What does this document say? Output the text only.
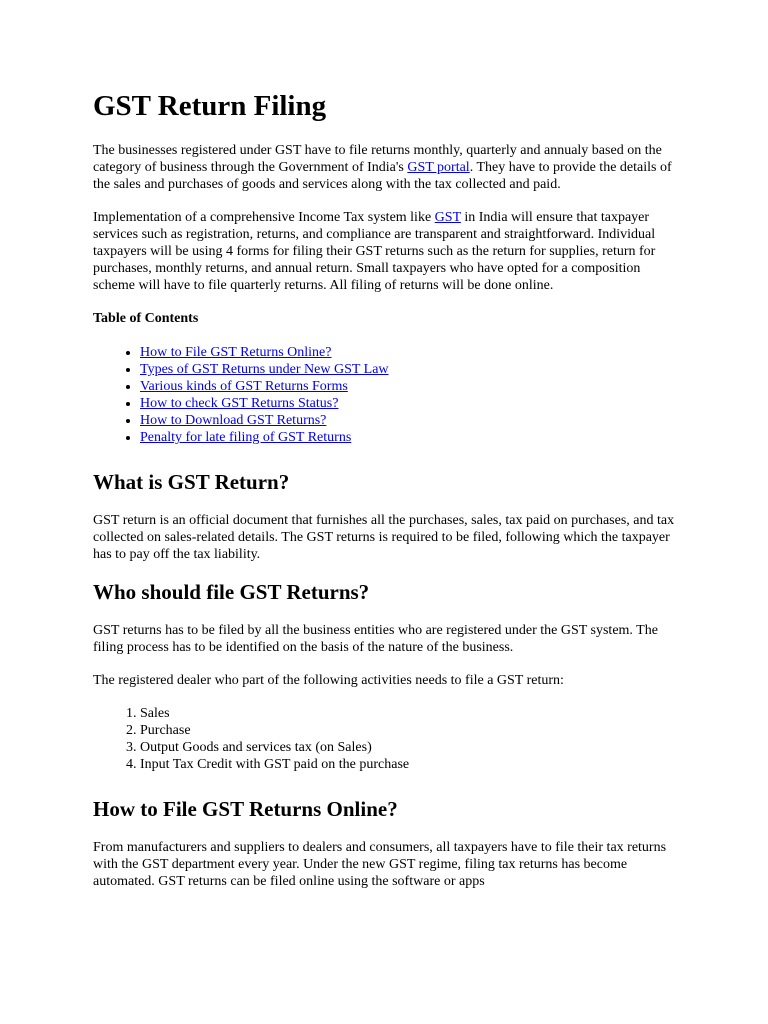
GST Return Filing

The businesses registered under GST have to file returns monthly, quarterly and annualy based on the category of business through the Government of India's GST portal. They have to provide the details of the sales and purchases of goods and services along with the tax collected and paid.

Implementation of a comprehensive Income Tax system like GST in India will ensure that taxpayer services such as registration, returns, and compliance are transparent and straightforward. Individual taxpayers will be using 4 forms for filing their GST returns such as the return for supplies, return for purchases, monthly returns, and annual return. Small taxpayers who have opted for a composition scheme will have to file quarterly returns. All filing of returns will be done online.

Table of Contents

• How to File GST Returns Online?
• Types of GST Returns under New GST Law
• Various kinds of GST Returns Forms
• How to check GST Returns Status?
• How to Download GST Returns?
• Penalty for late filing of GST Returns
What is GST Return?

GST return is an official document that furnishes all the purchases, sales, tax paid on purchases, and tax collected on sales-related details. The GST returns is required to be filed, following which the taxpayer has to pay off the tax liability.

Who should file GST Returns?

GST returns has to be filed by all the business entities who are registered under the GST system. The filing process has to be identified on the basis of the nature of the business.

The registered dealer who part of the following activities needs to file a GST return:

1. Sales
2. Purchase
3. Output Goods and services tax (on Sales)
4. Input Tax Credit with GST paid on the purchase
How to File GST Returns Online?

From manufacturers and suppliers to dealers and consumers, all taxpayers have to file their tax returns with the GST department every year. Under the new GST regime, filing tax returns has become automated. GST returns can be filed online using the software or apps
